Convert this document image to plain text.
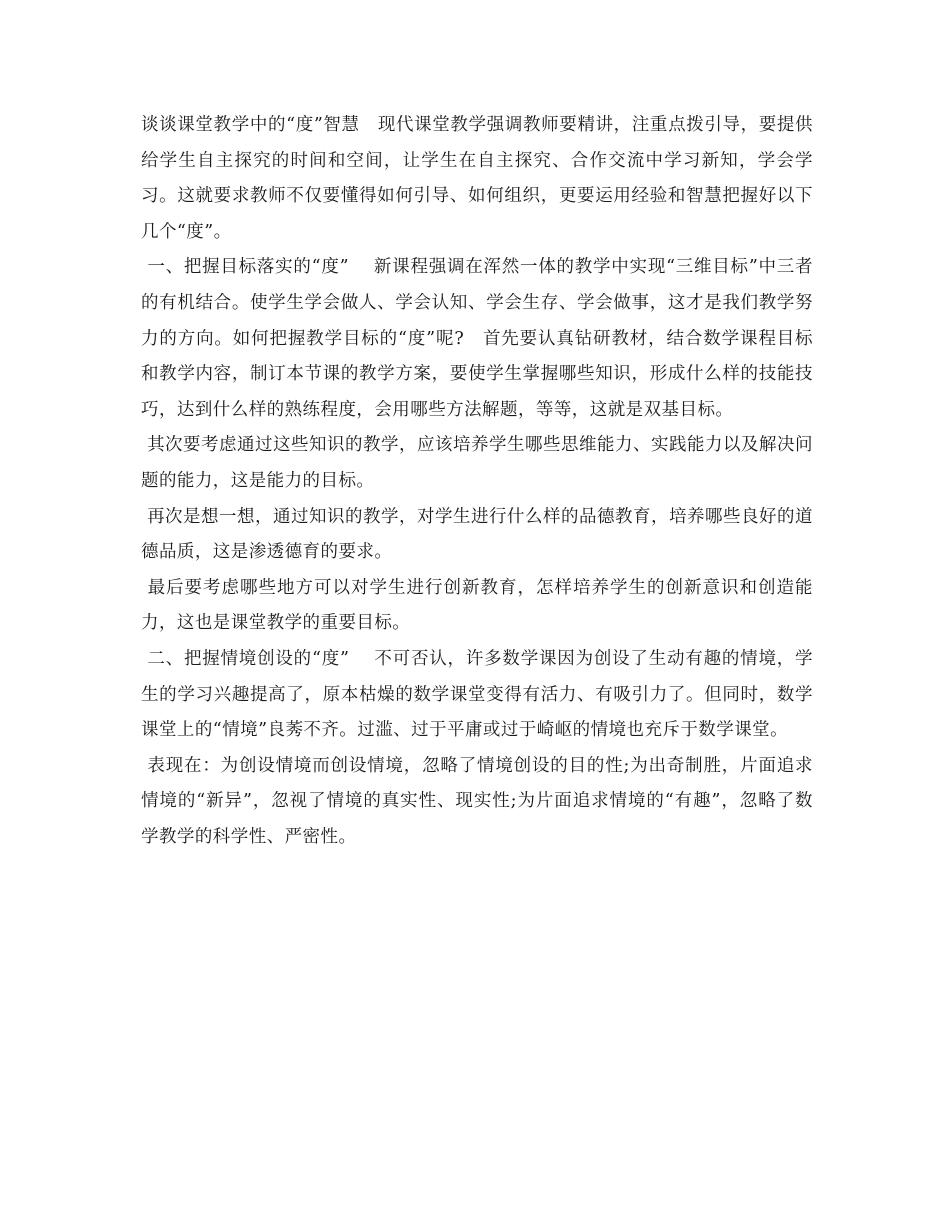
谈谈课堂教学中的“度”智慧　现代课堂教学强调教师要精讲，注重点拨引导，要提供给学生自主探究的时间和空间，让学生在自主探究、合作交流中学习新知，学会学习。这就要求教师不仅要懂得如何引导、如何组织，更要运用经验和智慧把握好以下几个“度”。

一、把握目标落实的“度”　 新课程强调在浑然一体的教学中实现“三维目标”中三者的有机结合。使学生学会做人、学会认知、学会生存、学会做事，这才是我们教学努力的方向。如何把握教学目标的“度”呢?　首先要认真钻研教材，结合数学课程目标和教学内容，制订本节课的教学方案，要使学生掌握哪些知识，形成什么样的技能技巧，达到什么样的熟练程度，会用哪些方法解题，等等，这就是双基目标。

其次要考虑通过这些知识的教学，应该培养学生哪些思维能力、实践能力以及解决问题的能力，这是能力的目标。

再次是想一想，通过知识的教学，对学生进行什么样的品德教育，培养哪些良好的道德品质，这是渗透德育的要求。

最后要考虑哪些地方可以对学生进行创新教育，怎样培养学生的创新意识和创造能力，这也是课堂教学的重要目标。

二、把握情境创设的“度”　 不可否认，许多数学课因为创设了生动有趣的情境，学生的学习兴趣提高了，原本枯燥的数学课堂变得有活力、有吸引力了。但同时，数学课堂上的“情境”良莠不齐。过滥、过于平庸或过于崎岖的情境也充斥于数学课堂。

表现在：为创设情境而创设情境，忽略了情境创设的目的性;为出奇制胜，片面追求情境的“新异”，忽视了情境的真实性、现实性;为片面追求情境的“有趣”，忽略了数学教学的科学性、严密性。
